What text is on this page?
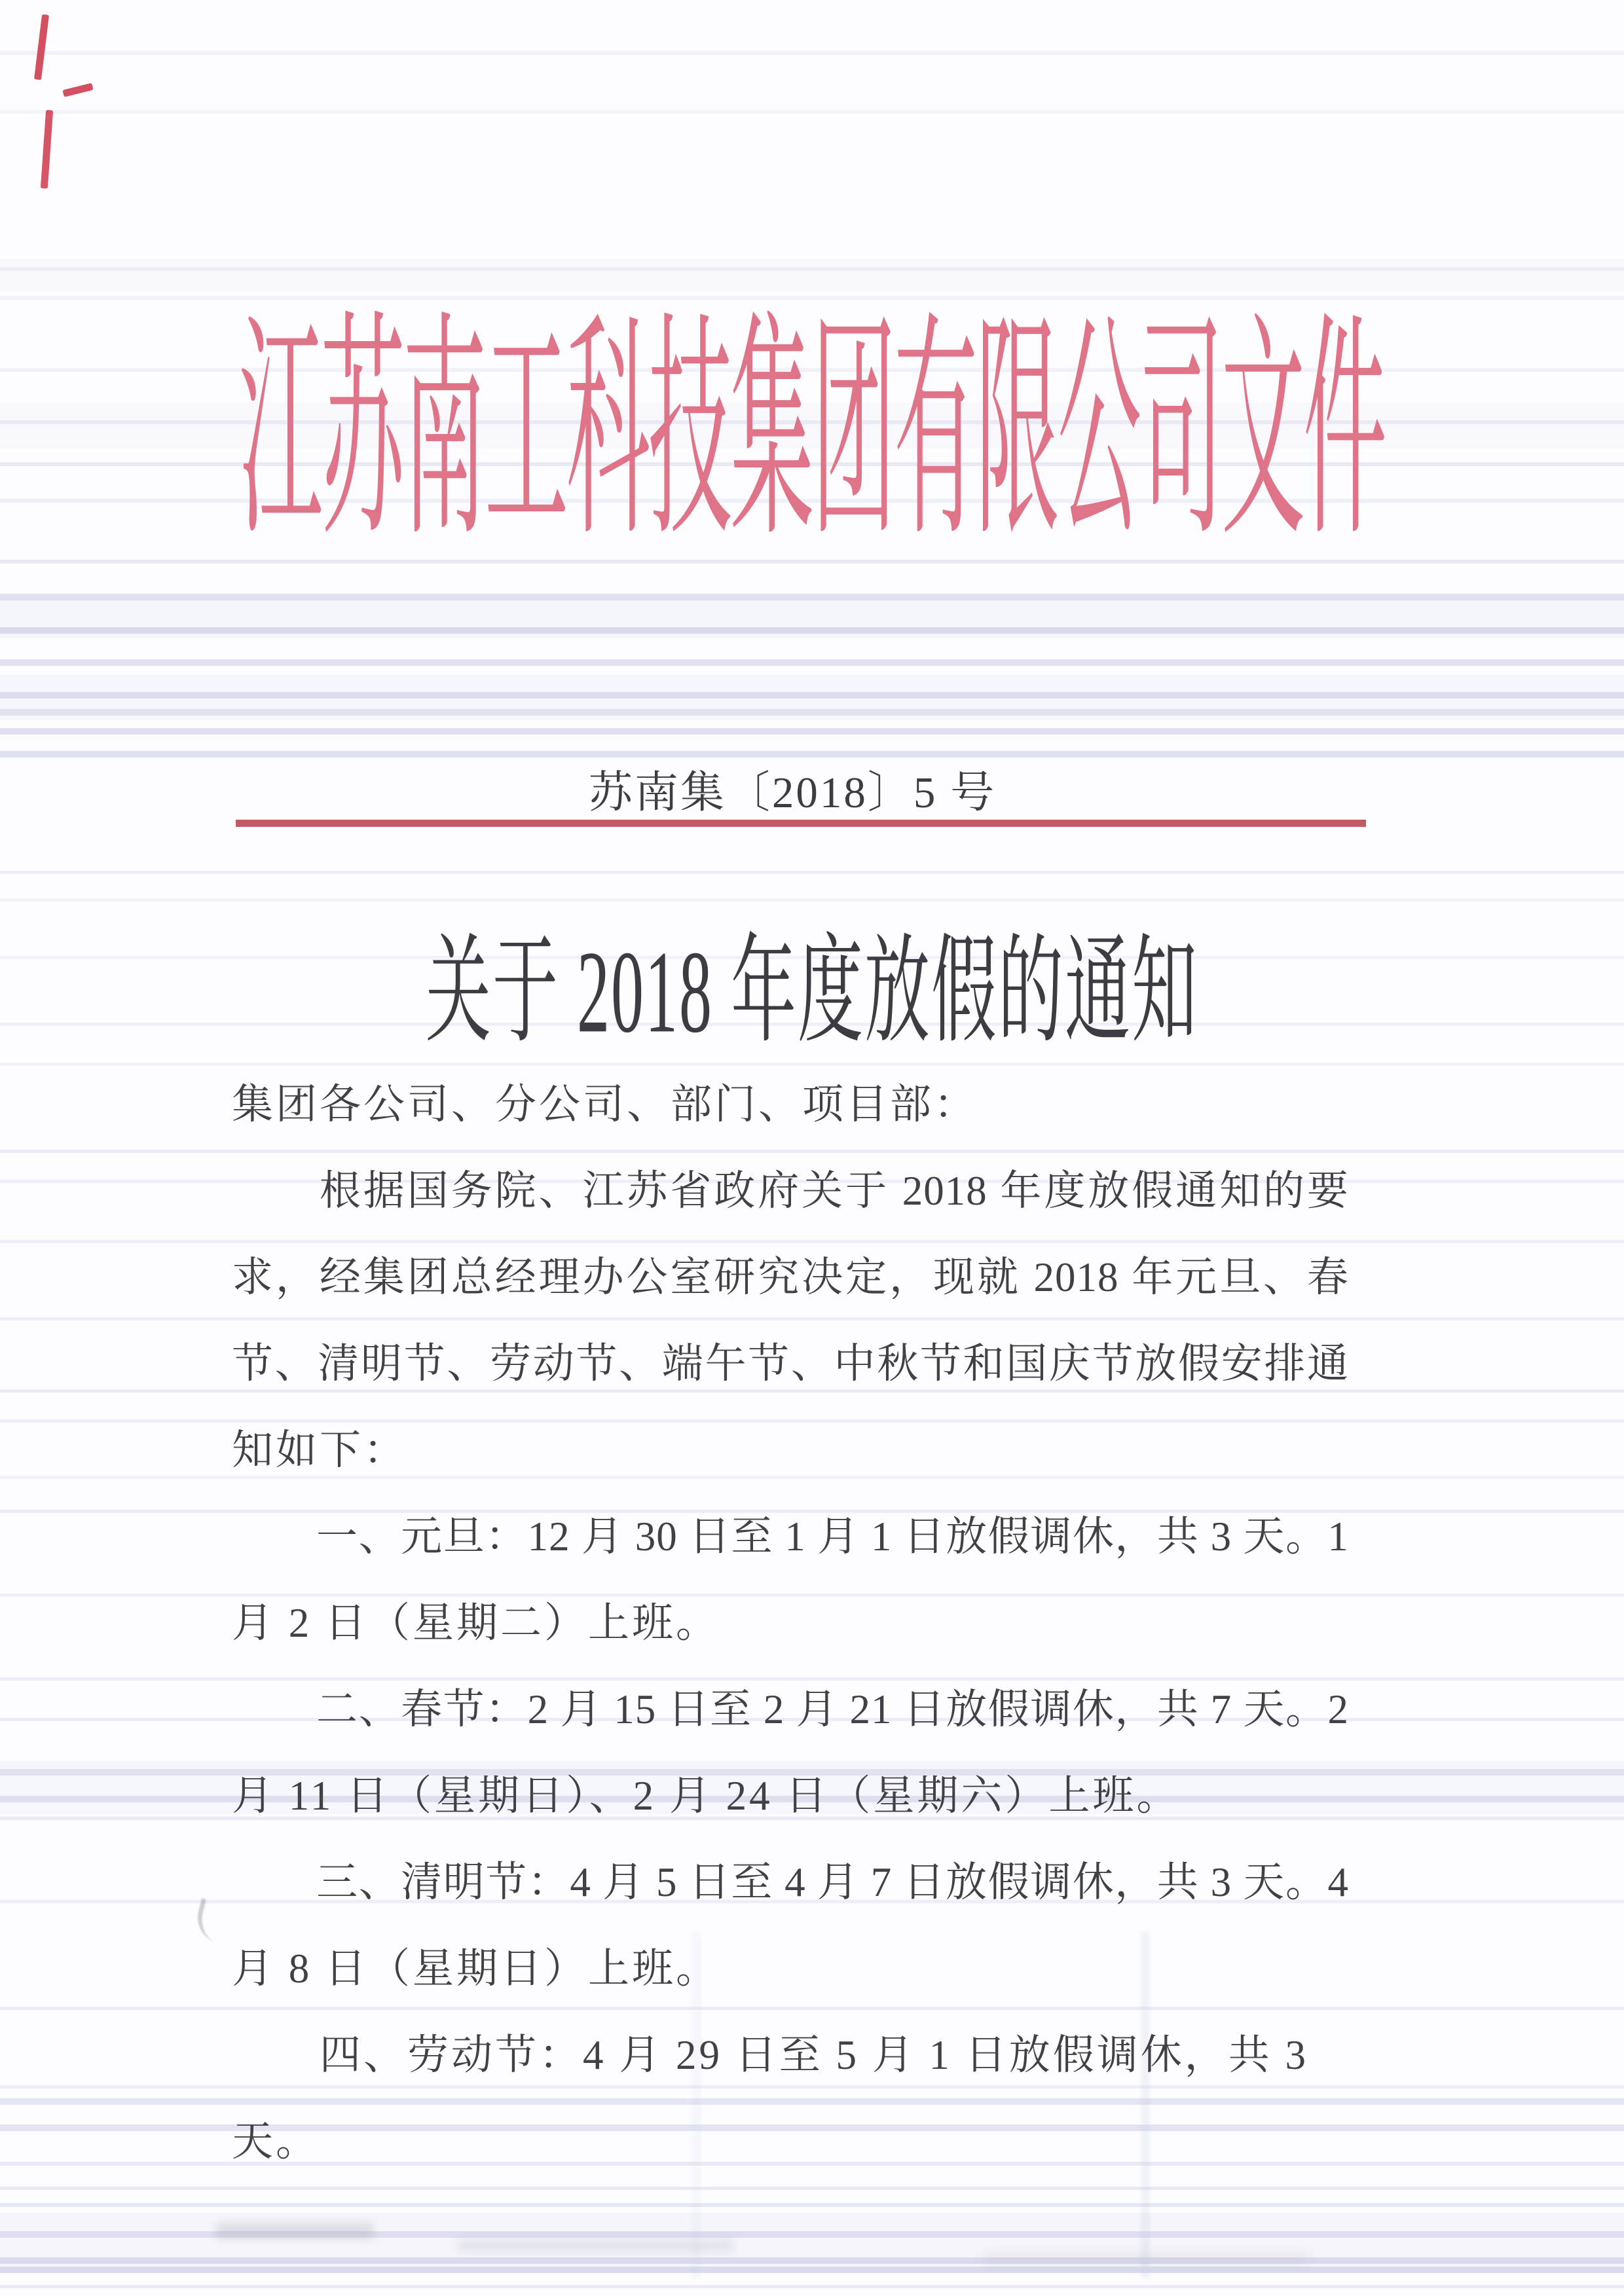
江苏南工科技集团有限公司文件
苏南集〔2018〕5 号
关于 2018 年度放假的通知
集团各公司、分公司、部门、项目部：
　　根据国务院、江苏省政府关于 2018 年度放假通知的要
求，经集团总经理办公室研究决定，现就 2018 年元旦、春
节、清明节、劳动节、端午节、中秋节和国庆节放假安排通
知如下：
　　一、元旦：12 月 30 日至 1 月 1 日放假调休，共 3 天。1
月 2 日（星期二）上班。
　　二、春节：2 月 15 日至 2 月 21 日放假调休，共 7 天。2
月 11 日（星期日）、2 月 24 日（星期六）上班。
　　三、清明节：4 月 5 日至 4 月 7 日放假调休，共 3 天。4
月 8 日（星期日）上班。
　　四、劳动节：4 月 29 日至 5 月 1 日放假调休，共 3 天。
